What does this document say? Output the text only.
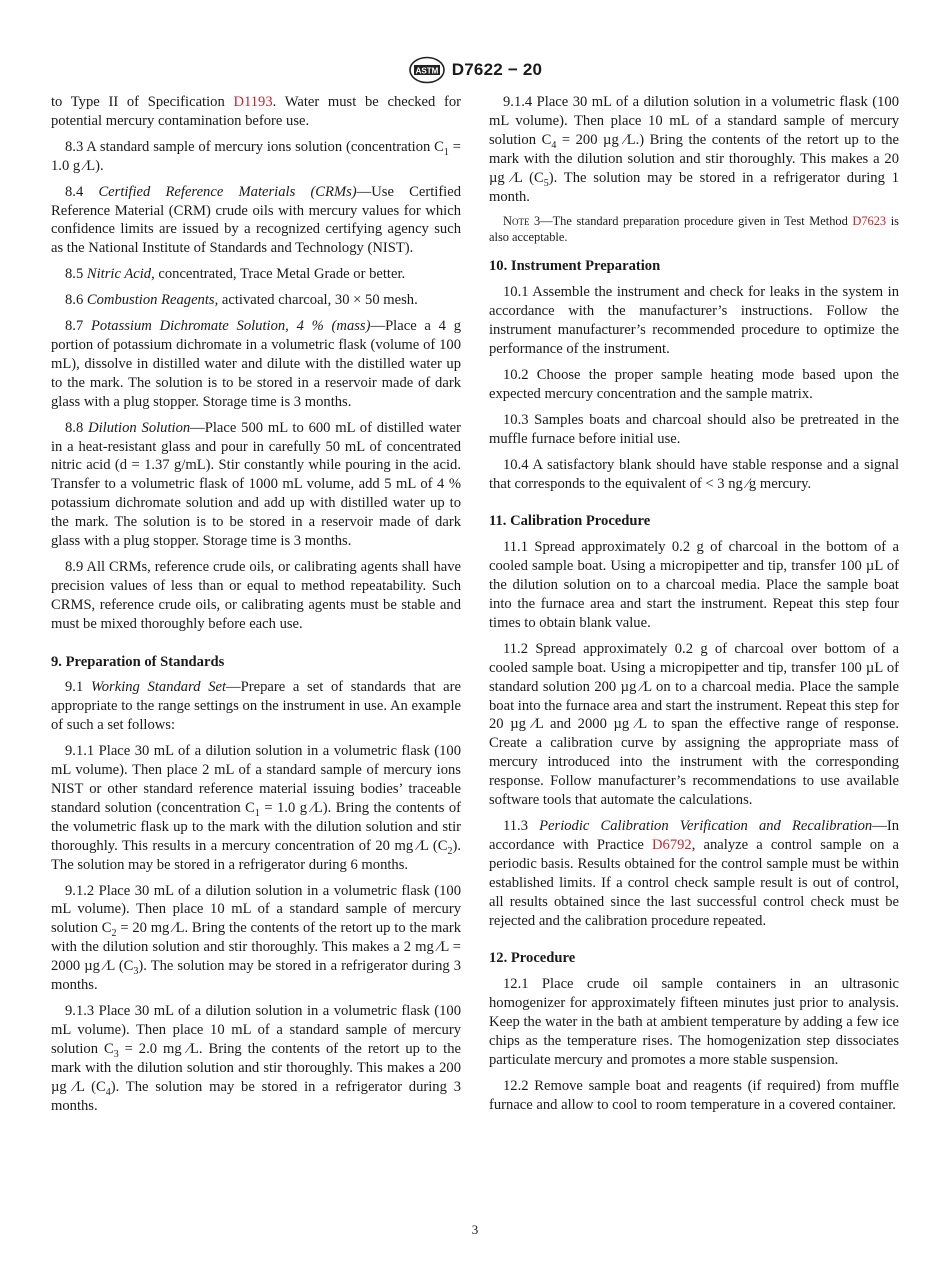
ASTM D7622 − 20

to Type II of Specification D1193. Water must be checked for potential mercury contamination before use.

8.3 A standard sample of mercury ions solution (concentration $C_1 = 1.0$ g ⁄L).

8.4 Certified Reference Materials (CRMs)—Use Certified Reference Material (CRM) crude oils with mercury values for which confidence limits are issued by a recognized certifying agency such as the National Institute of Standards and Technology (NIST).

8.5 Nitric Acid, concentrated, Trace Metal Grade or better.

8.6 Combustion Reagents, activated charcoal, 30 × 50 mesh.

8.7 Potassium Dichromate Solution, 4 % (mass)—Place a 4 g portion of potassium dichromate in a volumetric flask (volume of 100 mL), dissolve in distilled water and dilute with the distilled water up to the mark. The solution is to be stored in a reservoir made of dark glass with a plug stopper. Storage time is 3 months.

8.8 Dilution Solution—Place 500 mL to 600 mL of distilled water in a heat-resistant glass and pour in carefully 50 mL of concentrated nitric acid (d = 1.37 g/mL). Stir constantly while pouring in the acid. Transfer to a volumetric flask of 1000 mL volume, add 5 mL of 4 % potassium dichromate solution and add up with distilled water up to the mark. The solution is to be stored in a reservoir made of dark glass with a plug stopper. Storage time is 3 months.

8.9 All CRMs, reference crude oils, or calibrating agents shall have precision values of less than or equal to method repeatability. Such CRMS, reference crude oils, or calibrating agents must be stable and must be mixed thoroughly before each use.

9. Preparation of Standards

9.1 Working Standard Set—Prepare a set of standards that are appropriate to the range settings on the instrument in use. An example of such a set follows:

9.1.1 Place 30 mL of a dilution solution in a volumetric flask (100 mL volume). Then place 2 mL of a standard sample of mercury ions NIST or other standard reference material issuing bodies’ traceable standard solution (concentration $C_1 = 1.0$ g ⁄L). Bring the contents of the volumetric flask up to the mark with the dilution solution and stir thoroughly. This results in a mercury concentration of 20 mg ⁄L $(C_2)$. The solution may be stored in a refrigerator during 6 months.

9.1.2 Place 30 mL of a dilution solution in a volumetric flask (100 mL volume). Then place 10 mL of a standard sample of mercury solution $C_2 = 20$ mg ⁄L. Bring the contents of the retort up to the mark with the dilution solution and stir thoroughly. This makes a 2 mg ⁄L = 2000 µg ⁄L $(C_3)$. The solution may be stored in a refrigerator during 3 months.

9.1.3 Place 30 mL of a dilution solution in a volumetric flask (100 mL volume). Then place 10 mL of a standard sample of mercury solution $C_3 = 2.0$ mg ⁄L. Bring the contents of the retort up to the mark with the dilution solution and stir thoroughly. This makes a 200 µg ⁄L $(C_4)$. The solution may be stored in a refrigerator during 3 months.

9.1.4 Place 30 mL of a dilution solution in a volumetric flask (100 mL volume). Then place 10 mL of a standard sample of mercury solution $C_4 = 200$ µg ⁄L.) Bring the contents of the retort up to the mark with the dilution solution and stir thoroughly. This makes a 20 µg ⁄L $(C_5)$. The solution may be stored in a refrigerator during 1 month.

Note 3—The standard preparation procedure given in Test Method D7623 is also acceptable.

10. Instrument Preparation

10.1 Assemble the instrument and check for leaks in the system in accordance with the manufacturer’s instructions. Follow the instrument manufacturer’s recommended procedure to optimize the performance of the instrument.

10.2 Choose the proper sample heating mode based upon the expected mercury concentration and the sample matrix.

10.3 Samples boats and charcoal should also be pretreated in the muffle furnace before initial use.

10.4 A satisfactory blank should have stable response and a signal that corresponds to the equivalent of < 3 ng ⁄g mercury.

11. Calibration Procedure

11.1 Spread approximately 0.2 g of charcoal in the bottom of a cooled sample boat. Using a micropipetter and tip, transfer 100 µL of the dilution solution on to a charcoal media. Place the sample boat into the furnace area and start the instrument. Repeat this step four times to obtain blank value.

11.2 Spread approximately 0.2 g of charcoal over bottom of a cooled sample boat. Using a micropipetter and tip, transfer 100 µL of standard solution 200 µg ⁄L on to a charcoal media. Place the sample boat into the furnace area and start the instrument. Repeat this step for 20 µg ⁄L and 2000 µg ⁄L to span the effective range of response. Create a calibration curve by assigning the appropriate mass of mercury introduced into the instrument with the corresponding response. Follow manufacturer’s recommendations to use available software tools that automate the calculations.

11.3 Periodic Calibration Verification and Recalibration—In accordance with Practice D6792, analyze a control sample on a periodic basis. Results obtained for the control sample must be within established limits. If a control check sample result is out of control, all results obtained since the last successful control check must be rejected and the calibration procedure repeated.

12. Procedure

12.1 Place crude oil sample containers in an ultrasonic homogenizer for approximately fifteen minutes just prior to analysis. Keep the water in the bath at ambient temperature by adding a few ice chips as the temperature rises. The homogenization step dissociates particulate mercury and promotes a more stable suspension.

12.2 Remove sample boat and reagents (if required) from muffle furnace and allow to cool to room temperature in a covered container.

3
